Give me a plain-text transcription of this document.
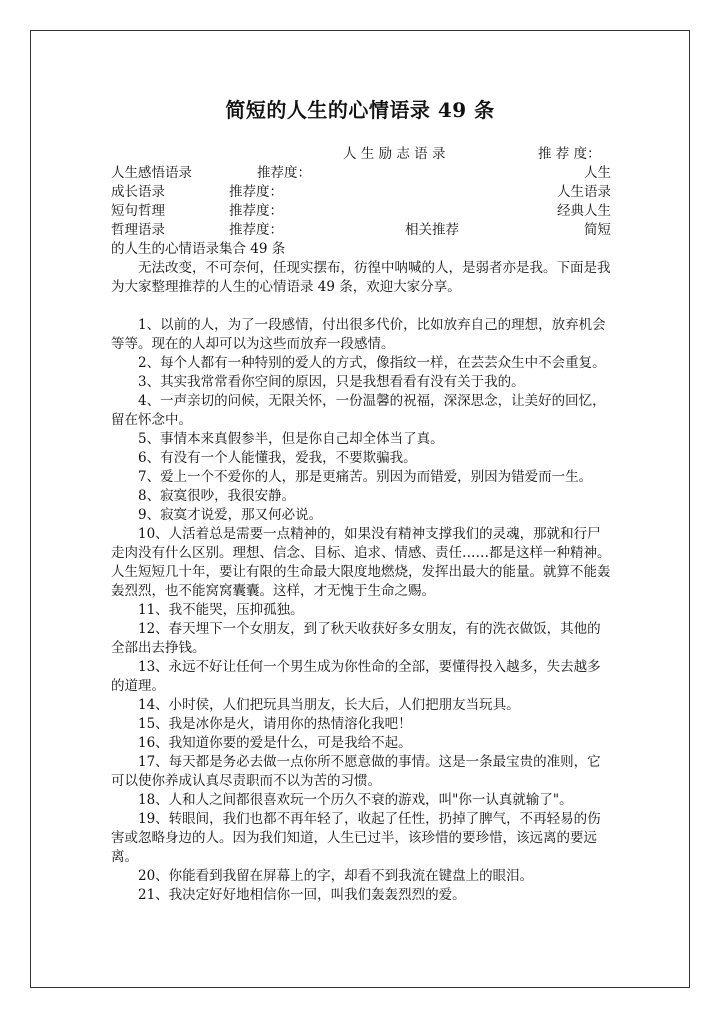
简短的人生的心情语录 49 条
人 生 励 志 语 录	推 荐 度：
人生感悟语录	推荐度：	人生
成长语录	推荐度：	人生语录
短句哲理	推荐度：	经典人生
哲理语录	推荐度：	相关推荐	简短
的人生的心情语录集合 49 条

无法改变，不可奈何，任现实摆布，彷徨中呐喊的人，是弱者亦是我。下面是我为大家整理推荐的人生的心情语录 49 条，欢迎大家分享。

1、以前的人，为了一段感情，付出很多代价，比如放弃自己的理想，放弃机会等等。现在的人却可以为这些而放弃一段感情。

2、每个人都有一种特别的爱人的方式，像指纹一样，在芸芸众生中不会重复。

3、其实我常常看你空间的原因，只是我想看看有没有关于我的。

4、一声亲切的问候，无限关怀，一份温馨的祝福，深深思念，让美好的回忆，留在怀念中。

5、事情本来真假参半，但是你自己却全体当了真。

6、有没有一个人能懂我，爱我，不要欺骗我。

7、爱上一个不爱你的人，那是更痛苦。别因为而错爱，别因为错爱而一生。

8、寂寞很吵，我很安静。

9、寂寞才说爱，那又何必说。

10、人活着总是需要一点精神的，如果没有精神支撑我们的灵魂，那就和行尸走肉没有什么区别。理想、信念、目标、追求、情感、责任……都是这样一种精神。人生短短几十年，要让有限的生命最大限度地燃烧，发挥出最大的能量。就算不能轰轰烈烈，也不能窝窝囊囊。这样，才无愧于生命之赐。

11、我不能哭，压抑孤独。

12、春天埋下一个女朋友，到了秋天收获好多女朋友，有的洗衣做饭，其他的全部出去挣钱。

13、永远不好让任何一个男生成为你性命的全部，要懂得投入越多，失去越多的道理。

14、小时侯，人们把玩具当朋友，长大后，人们把朋友当玩具。

15、我是冰你是火，请用你的热情溶化我吧！

16、我知道你要的爱是什么，可是我给不起。

17、每天都是务必去做一点你所不愿意做的事情。这是一条最宝贵的准则，它可以使你养成认真尽责职而不以为苦的习惯。

18、人和人之间都很喜欢玩一个历久不衰的游戏，叫"你一认真就输了"。

19、转眼间，我们也都不再年轻了，收起了任性，扔掉了脾气，不再轻易的伤害或忽略身边的人。因为我们知道，人生已过半，该珍惜的要珍惜，该远离的要远离。

20、你能看到我留在屏幕上的字，却看不到我流在键盘上的眼泪。

21、我决定好好地相信你一回，叫我们轰轰烈烈的爱。
